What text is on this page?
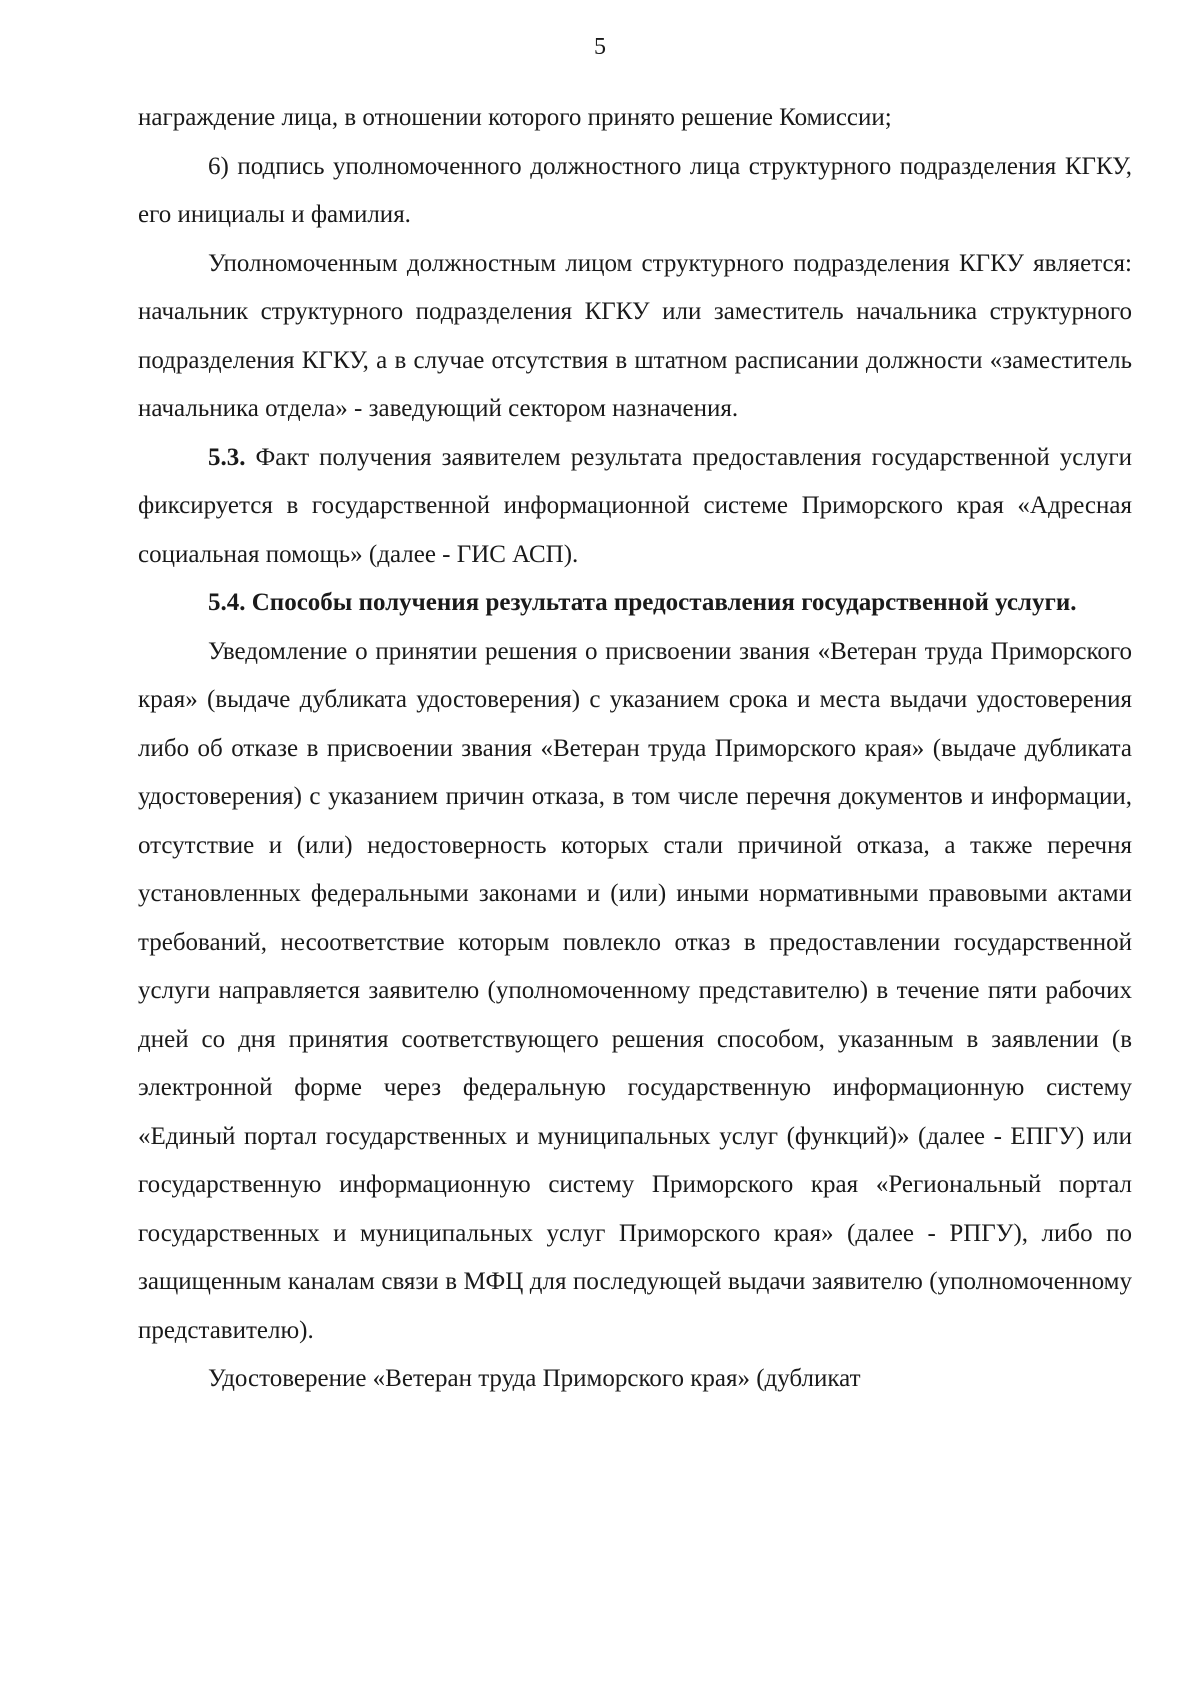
5

награждение лица, в отношении которого принято решение Комиссии;

6) подпись уполномоченного должностного лица структурного подразделения КГКУ, его инициалы и фамилия.

Уполномоченным должностным лицом структурного подразделения КГКУ является: начальник структурного подразделения КГКУ или заместитель начальника структурного подразделения КГКУ, а в случае отсутствия в штатном расписании должности «заместитель начальника отдела» - заведующий сектором назначения.

5.3. Факт получения заявителем результата предоставления государственной услуги фиксируется в государственной информационной системе Приморского края «Адресная социальная помощь» (далее - ГИС АСП).

5.4. Способы получения результата предоставления государственной услуги.

Уведомление о принятии решения о присвоении звания «Ветеран труда Приморского края» (выдаче дубликата удостоверения) с указанием срока и места выдачи удостоверения либо об отказе в присвоении звания «Ветеран труда Приморского края» (выдаче дубликата удостоверения) с указанием причин отказа, в том числе перечня документов и информации, отсутствие и (или) недостоверность которых стали причиной отказа, а также перечня установленных федеральными законами и (или) иными нормативными правовыми актами требований, несоответствие которым повлекло отказ в предоставлении государственной услуги направляется заявителю (уполномоченному представителю) в течение пяти рабочих дней со дня принятия соответствующего решения способом, указанным в заявлении (в электронной форме через федеральную государственную информационную систему «Единый портал государственных и муниципальных услуг (функций)» (далее - ЕПГУ) или государственную информационную систему Приморского края «Региональный портал государственных и муниципальных услуг Приморского края» (далее - РПГУ), либо по защищенным каналам связи в МФЦ для последующей выдачи заявителю (уполномоченному представителю).

Удостоверение «Ветеран труда Приморского края» (дубликат
